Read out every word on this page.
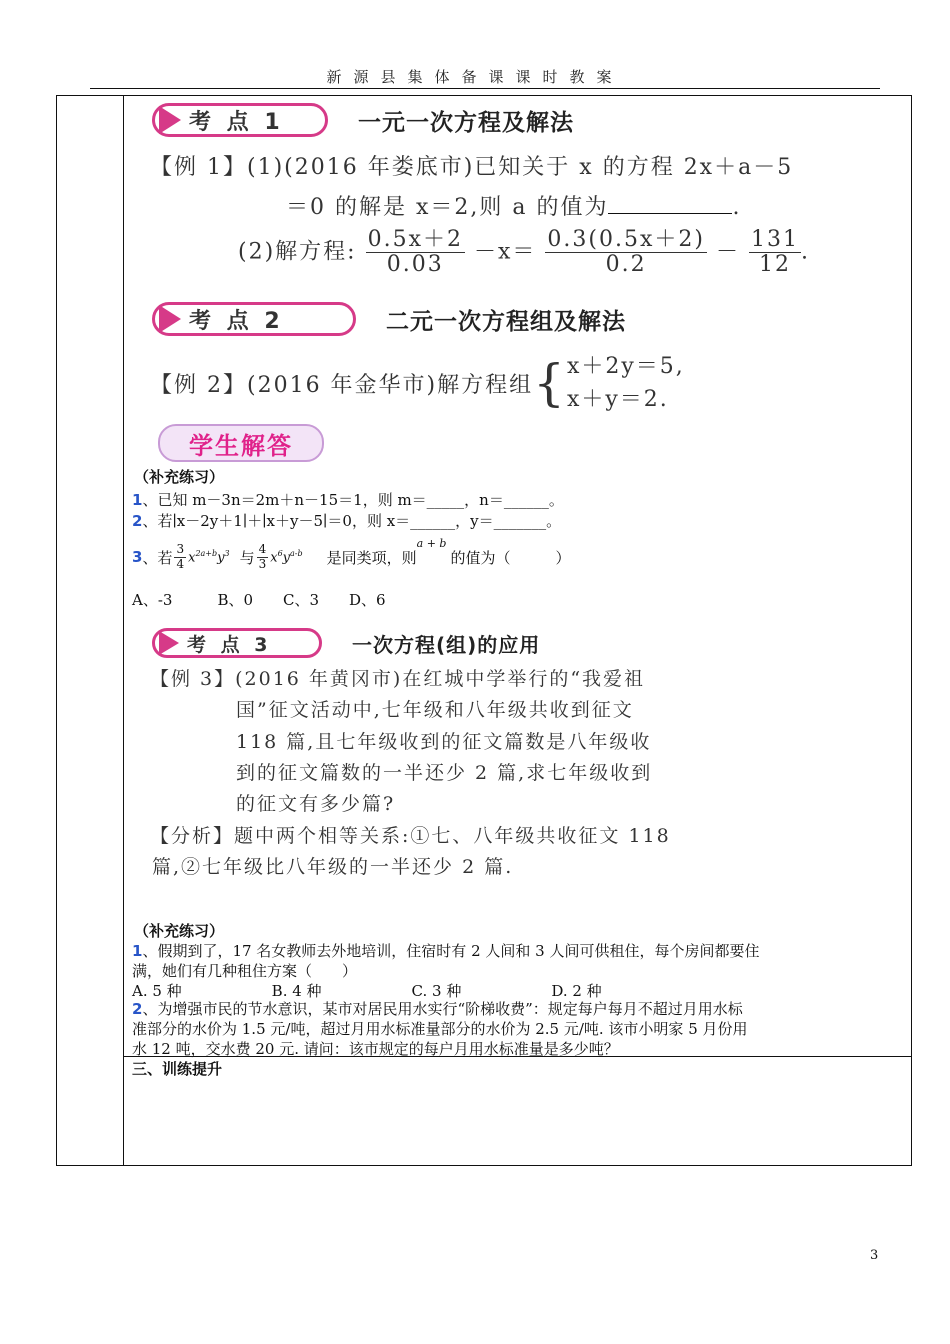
新源县集体备课课时教案
考 点 1	一元一次方程及解法
【例 1】(1)(2016 年娄底市)已知关于 x 的方程 2x＋a－5
＝0 的解是 x＝2,则 a 的值为	.
(2)解方程: $\frac{0.5x+2}{0.03} -x= \frac{0.3(0.5x+2)}{0.2} - \frac{131}{12}$ .
考 点 2	二元一次方程组及解法
【例 2】(2016 年金华市)解方程组 { x＋2y＝5,
x＋y＝2.
学生解答
（补充练习）
1、已知 m－3n＝2m＋n－15＝1，则 m＝_____，n＝______。
2、若∣x－2y＋1∣＋∣x＋y－5∣＝0，则 x＝______，y＝_______。
3 、若 $\frac{3}{4} x^{2a+b}y^3$ 与 $\frac{4}{3} x^6y^{a-b}$ 是同类项，则
a + b
的值为（　　　）
A、-3　　　B、0　　C、3　　D、6
考 点 3	一次方程(组)的应用
【例 3】(2016 年黄冈市)在红城中学举行的“我爱祖
国”征文活动中,七年级和八年级共收到征文
118 篇,且七年级收到的征文篇数是八年级收
到的征文篇数的一半还少 2 篇,求七年级收到
的征文有多少篇?
【分析】题中两个相等关系:①七、八年级共收征文 118
篇,②七年级比八年级的一半还少 2 篇.
（补充练习）
1、假期到了，17 名女教师去外地培训，住宿时有 2 人间和 3 人间可供租住，每个房间都要住
满，她们有几种租住方案（　　）
A. 5 种　　　　　　B. 4 种　　　　　　C. 3 种　　　　　　D. 2 种
2、为增强市民的节水意识，某市对居民用水实行“阶梯收费”：规定每户每月不超过月用水标
准部分的水价为 1.5 元/吨，超过月用水标准量部分的水价为 2.5 元/吨. 该市小明家 5 月份用
水 12 吨，交水费 20 元. 请问：该市规定的每户月用水标准量是多少吨？
三、训练提升
3
